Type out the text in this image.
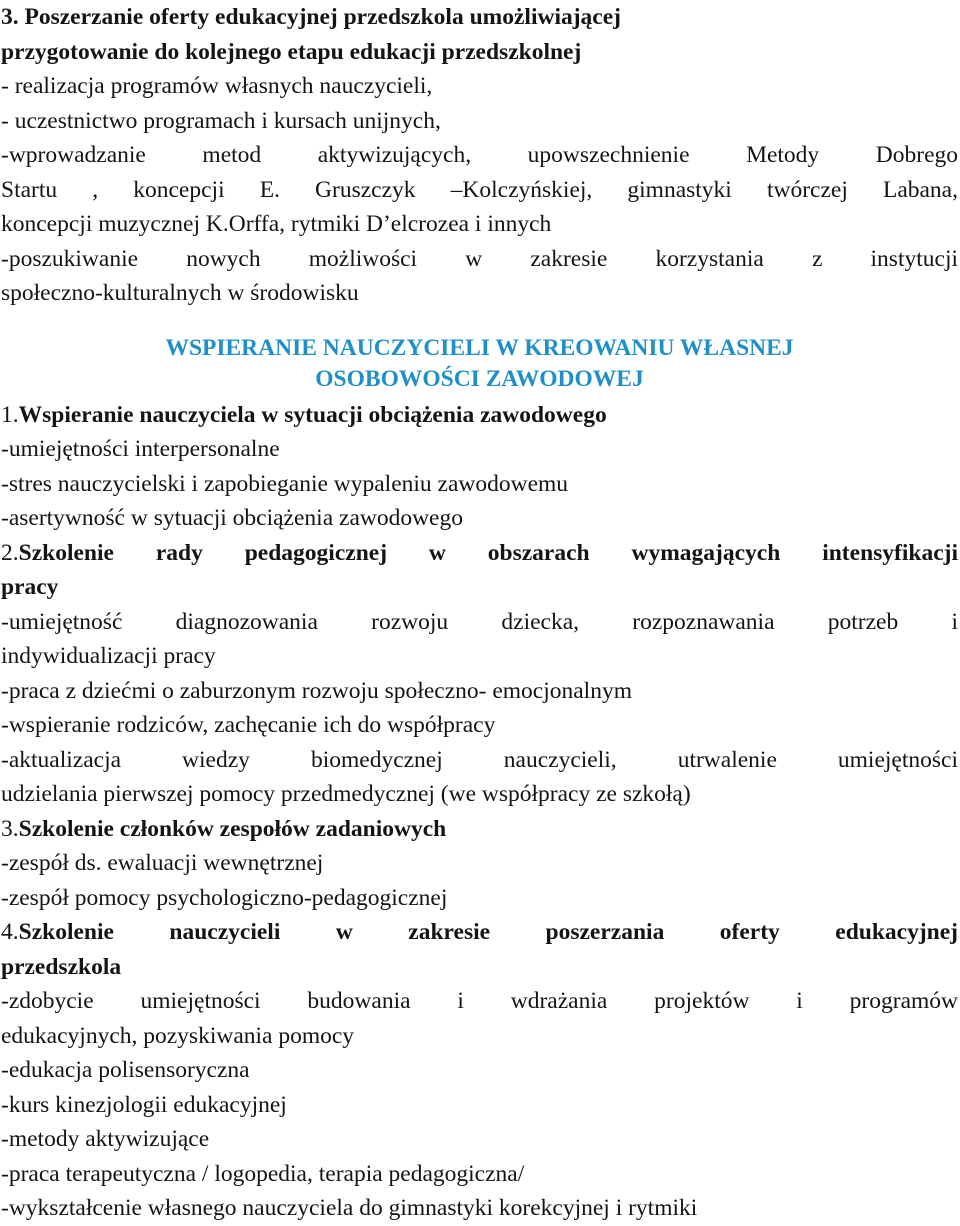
3. Poszerzanie oferty edukacyjnej przedszkola umożliwiającej
przygotowanie do kolejnego etapu edukacji przedszkolnej
- realizacja programów własnych nauczycieli,
- uczestnictwo programach i kursach unijnych,
-wprowadzanie metod aktywizujących, upowszechnienie Metody Dobrego
Startu , koncepcji E. Gruszczyk –Kolczyńskiej, gimnastyki twórczej Labana,
koncepcji muzycznej K.Orffa, rytmiki D’elcrozea i innych
-poszukiwanie nowych możliwości w zakresie korzystania z instytucji
społeczno-kulturalnych w środowisku
WSPIERANIE NAUCZYCIELI W KREOWANIU WŁASNEJ
OSOBOWOŚCI ZAWODOWEJ
1.Wspieranie nauczyciela w sytuacji obciążenia zawodowego
-umiejętności interpersonalne
-stres nauczycielski i zapobieganie wypaleniu zawodowemu
-asertywność w sytuacji obciążenia zawodowego
2.Szkolenie rady pedagogicznej w obszarach wymagających intensyfikacji
pracy
-umiejętność diagnozowania rozwoju dziecka, rozpoznawania potrzeb i
indywidualizacji pracy
-praca z dziećmi o zaburzonym rozwoju społeczno- emocjonalnym
-wspieranie rodziców, zachęcanie ich do współpracy
-aktualizacja wiedzy biomedycznej nauczycieli, utrwalenie umiejętności
udzielania pierwszej pomocy przedmedycznej (we współpracy ze szkołą)
3.Szkolenie członków zespołów zadaniowych
-zespół ds. ewaluacji wewnętrznej
-zespół pomocy psychologiczno-pedagogicznej
4.Szkolenie nauczycieli w zakresie poszerzania oferty edukacyjnej
przedszkola
-zdobycie umiejętności budowania i wdrażania projektów i programów
edukacyjnych, pozyskiwania pomocy
-edukacja polisensoryczna
-kurs kinezjologii edukacyjnej
-metody aktywizujące
-praca terapeutyczna / logopedia, terapia pedagogiczna/
-wykształcenie własnego nauczyciela do gimnastyki korekcyjnej i rytmiki
